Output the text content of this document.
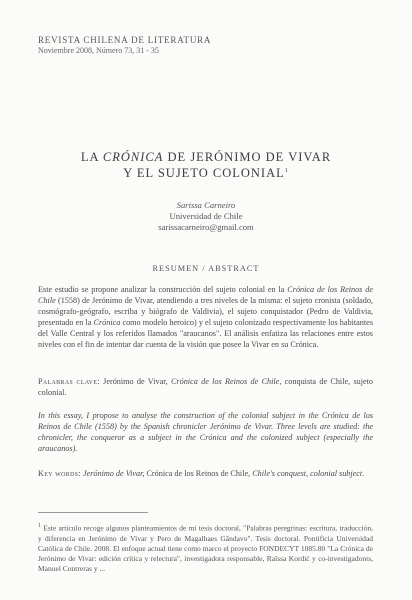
REVISTA CHILENA DE LITERATURA
Noviembre 2008, Número 73, 31 - 35
LA CRÓNICA DE JERÓNIMO DE VIVAR
Y EL SUJETO COLONIAL$^1$
Sarissa Carneiro
Universidad de Chile
sarissacarneiro@gmail.com
RESUMEN / ABSTRACT

Este estudio se propone analizar la construcción del sujeto colonial en la Crónica de los Reinos de Chile (1558) de Jerónimo de Vivar, atendiendo a tres niveles de la misma: el sujeto cronista (soldado, cosmógrafo-geógrafo, escriba y biógrafo de Valdivia), el sujeto conquistador (Pedro de Valdivia, presentado en la Crónica como modelo heroico) y el sujeto colonizado respectivamente los habitantes del Valle Central y los referidos llamados "araucanos". El análisis enfatiza las relaciones entre estos niveles con el fin de intentar dar cuenta de la visión que posee la Vivar en su Crónica.

Palabras clave: Jerónimo de Vivar, Crónica de los Reinos de Chile, conquista de Chile, sujeto colonial.

In this essay, I propose to analyse the construction of the colonial subject in the Crónica de los Reinos de Chile (1558) by the Spanish chronicler Jerónimo de Vivar. Three levels are studied: the chronicler, the conqueror as a subject in the Crónica and the colonized subject (especially the araucanos).

Key words: Jerónimo de Vivar, Crónica de los Reinos de Chile, Chile's conquest, colonial subject.

$^1$ Este artículo recoge algunos planteamientos de mi tesis doctoral, "Palabras peregrinas: escritura, traducción, y diferencia en Jerónimo de Vivar y Pero de Magalhaes Gândavo". Tesis doctoral. Pontificia Universidad Católica de Chile. 2008. El enfoque actual tiene como marco el proyecto FONDECYT 1085.80 "La Crónica de Jerónimo de Vivar: edición crítica y relectura", investigadora responsable, Raïssa Kordić y co-investigadores, Manuel Contreras y ...
